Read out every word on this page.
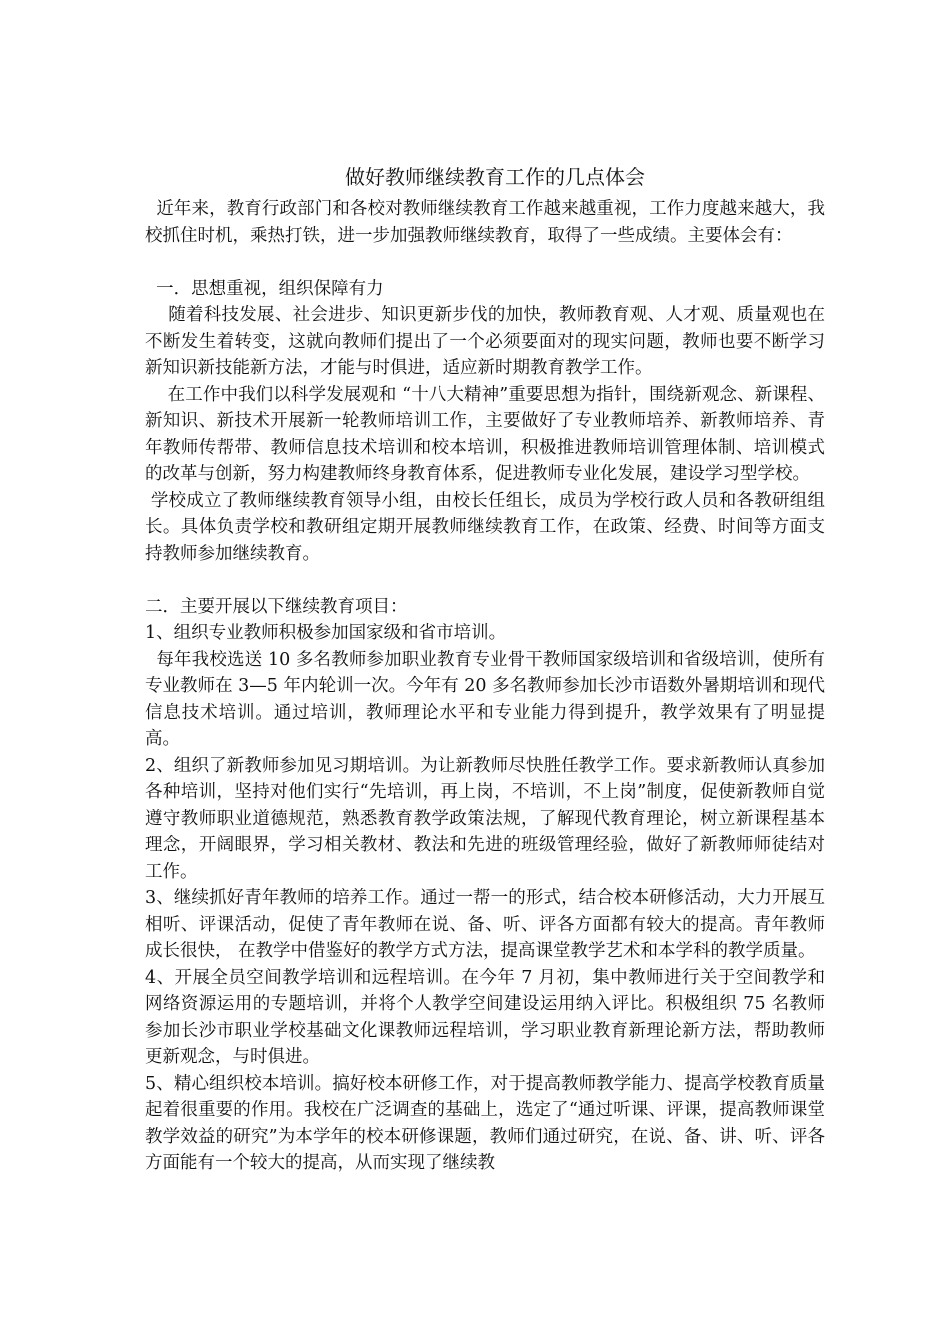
做好教师继续教育工作的几点体会

近年来，教育行政部门和各校对教师继续教育工作越来越重视，工作力度越来越大，我校抓住时机，乘热打铁，进一步加强教师继续教育，取得了一些成绩。主要体会有：

一．思想重视，组织保障有力

随着科技发展、社会进步、知识更新步伐的加快，教师教育观、人才观、质量观也在不断发生着转变，这就向教师们提出了一个必须要面对的现实问题，教师也要不断学习新知识新技能新方法，才能与时俱进，适应新时期教育教学工作。

在工作中我们以科学发展观和 “十八大精神”重要思想为指针，围绕新观念、新课程、新知识、新技术开展新一轮教师培训工作，主要做好了专业教师培养、新教师培养、青年教师传帮带、教师信息技术培训和校本培训，积极推进教师培训管理体制、培训模式的改革与创新，努力构建教师终身教育体系，促进教师专业化发展，建设学习型学校。

学校成立了教师继续教育领导小组，由校长任组长，成员为学校行政人员和各教研组组长。具体负责学校和教研组定期开展教师继续教育工作，在政策、经费、时间等方面支持教师参加继续教育。

二．主要开展以下继续教育项目：

1、组织专业教师积极参加国家级和省市培训。

每年我校选送 10 多名教师参加职业教育专业骨干教师国家级培训和省级培训，使所有专业教师在 3—5 年内轮训一次。今年有 20 多名教师参加长沙市语数外暑期培训和现代信息技术培训。通过培训，教师理论水平和专业能力得到提升，教学效果有了明显提高。

2、组织了新教师参加见习期培训。为让新教师尽快胜任教学工作。要求新教师认真参加各种培训，坚持对他们实行“先培训，再上岗，不培训，不上岗”制度，促使新教师自觉遵守教师职业道德规范，熟悉教育教学政策法规，了解现代教育理论，树立新课程基本理念，开阔眼界，学习相关教材、教法和先进的班级管理经验，做好了新教师师徒结对工作。

3、继续抓好青年教师的培养工作。通过一帮一的形式，结合校本研修活动，大力开展互相听、评课活动，促使了青年教师在说、备、听、评各方面都有较大的提高。青年教师成长很快， 在教学中借鉴好的教学方式方法，提高课堂教学艺术和本学科的教学质量。

4、开展全员空间教学培训和远程培训。在今年 7 月初，集中教师进行关于空间教学和网络资源运用的专题培训，并将个人教学空间建设运用纳入评比。积极组织 75 名教师参加长沙市职业学校基础文化课教师远程培训，学习职业教育新理论新方法，帮助教师更新观念，与时俱进。

5、精心组织校本培训。搞好校本研修工作，对于提高教师教学能力、提高学校教育质量起着很重要的作用。我校在广泛调查的基础上，选定了“通过听课、评课，提高教师课堂教学效益的研究”为本学年的校本研修课题，教师们通过研究，在说、备、讲、听、评各方面能有一个较大的提高，从而实现了继续教
